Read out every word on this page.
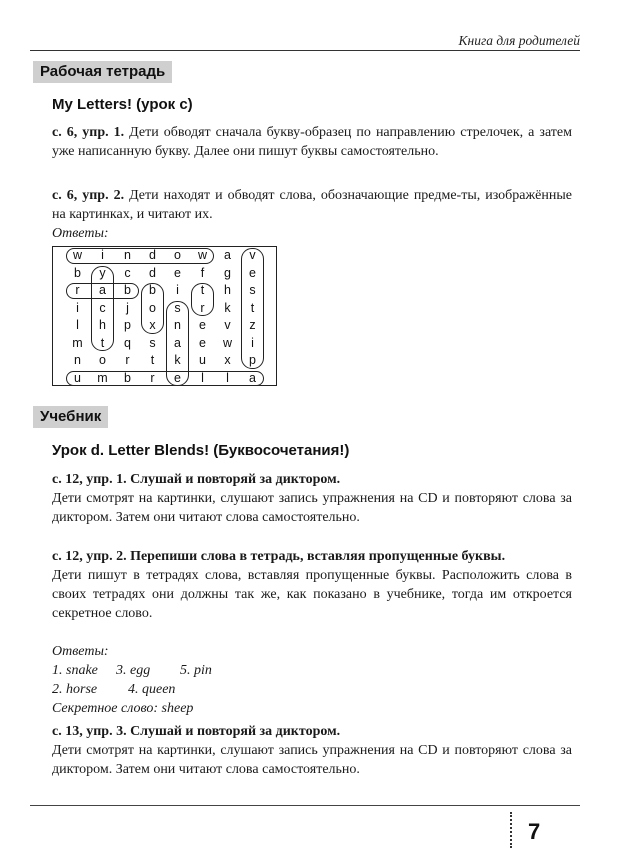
Книга для родителей
Рабочая тетрадь
My Letters! (урок c)
с. 6, упр. 1. Дети обводят сначала букву-образец по направлению стрелочек, а затем уже написанную букву. Далее они пишут буквы самостоятельно.
с. 6, упр. 2. Дети находят и обводят слова, обозначающие предме-ты, изображённые на картинках, и читают их.
Ответы:
w	i	n	d	o	w	a	v
b	y	c	d	e	f	g	e
r	a	b	b	i	t	h	s
i	c	j	o	s	r	k	t
l	h	p	x	n	e	v	z
m	t	q	s	a	e	w	i
n	o	r	t	k	u	x	p
u	m	b	r	e	l	l	a
Учебник
Урок d. Letter Blends! (Буквосочетания!)
с. 12, упр. 1. Слушай и повторяй за диктором.
Дети смотрят на картинки, слушают запись упражнения на CD и повторяют слова за диктором. Затем они читают слова самостоятельно.
с. 12, упр. 2. Перепиши слова в тетрадь, вставляя пропущенные буквы.
Дети пишут в тетрадях слова, вставляя пропущенные буквы. Расположить слова в своих тетрадях они должны так же, как показано в учебнике, тогда им откроется секретное слово.
Ответы:
1. snake 3. egg 5. pin
2. horse 4. queen
Секретное слово: sheep
с. 13, упр. 3. Слушай и повторяй за диктором.
Дети смотрят на картинки, слушают запись упражнения на CD и повторяют слова за диктором. Затем они читают слова самостоятельно.
7
